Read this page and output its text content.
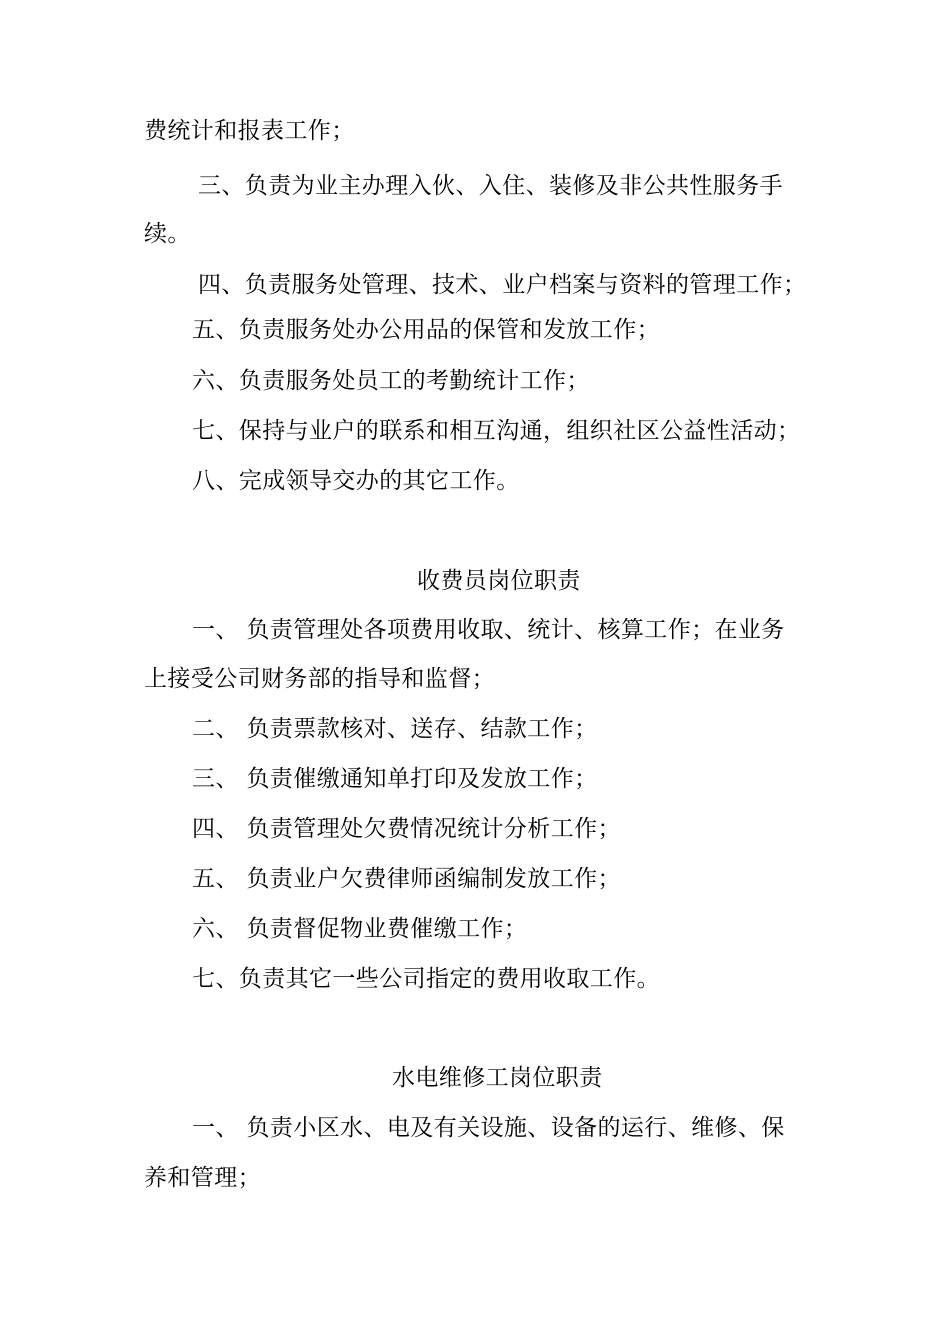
费统计和报表工作；
三、负责为业主办理入伙、入住、装修及非公共性服务手
续。
四、负责服务处管理、技术、业户档案与资料的管理工作；
五、负责服务处办公用品的保管和发放工作；
六、负责服务处员工的考勤统计工作；
七、保持与业户的联系和相互沟通，组织社区公益性活动；
八、完成领导交办的其它工作。
收费员岗位职责
一、 负责管理处各项费用收取、统计、核算工作；在业务
上接受公司财务部的指导和监督；
二、 负责票款核对、送存、结款工作；
三、 负责催缴通知单打印及发放工作；
四、 负责管理处欠费情况统计分析工作；
五、 负责业户欠费律师函编制发放工作；
六、 负责督促物业费催缴工作；
七、负责其它一些公司指定的费用收取工作。
水电维修工岗位职责
一、 负责小区水、电及有关设施、设备的运行、维修、保
养和管理；
